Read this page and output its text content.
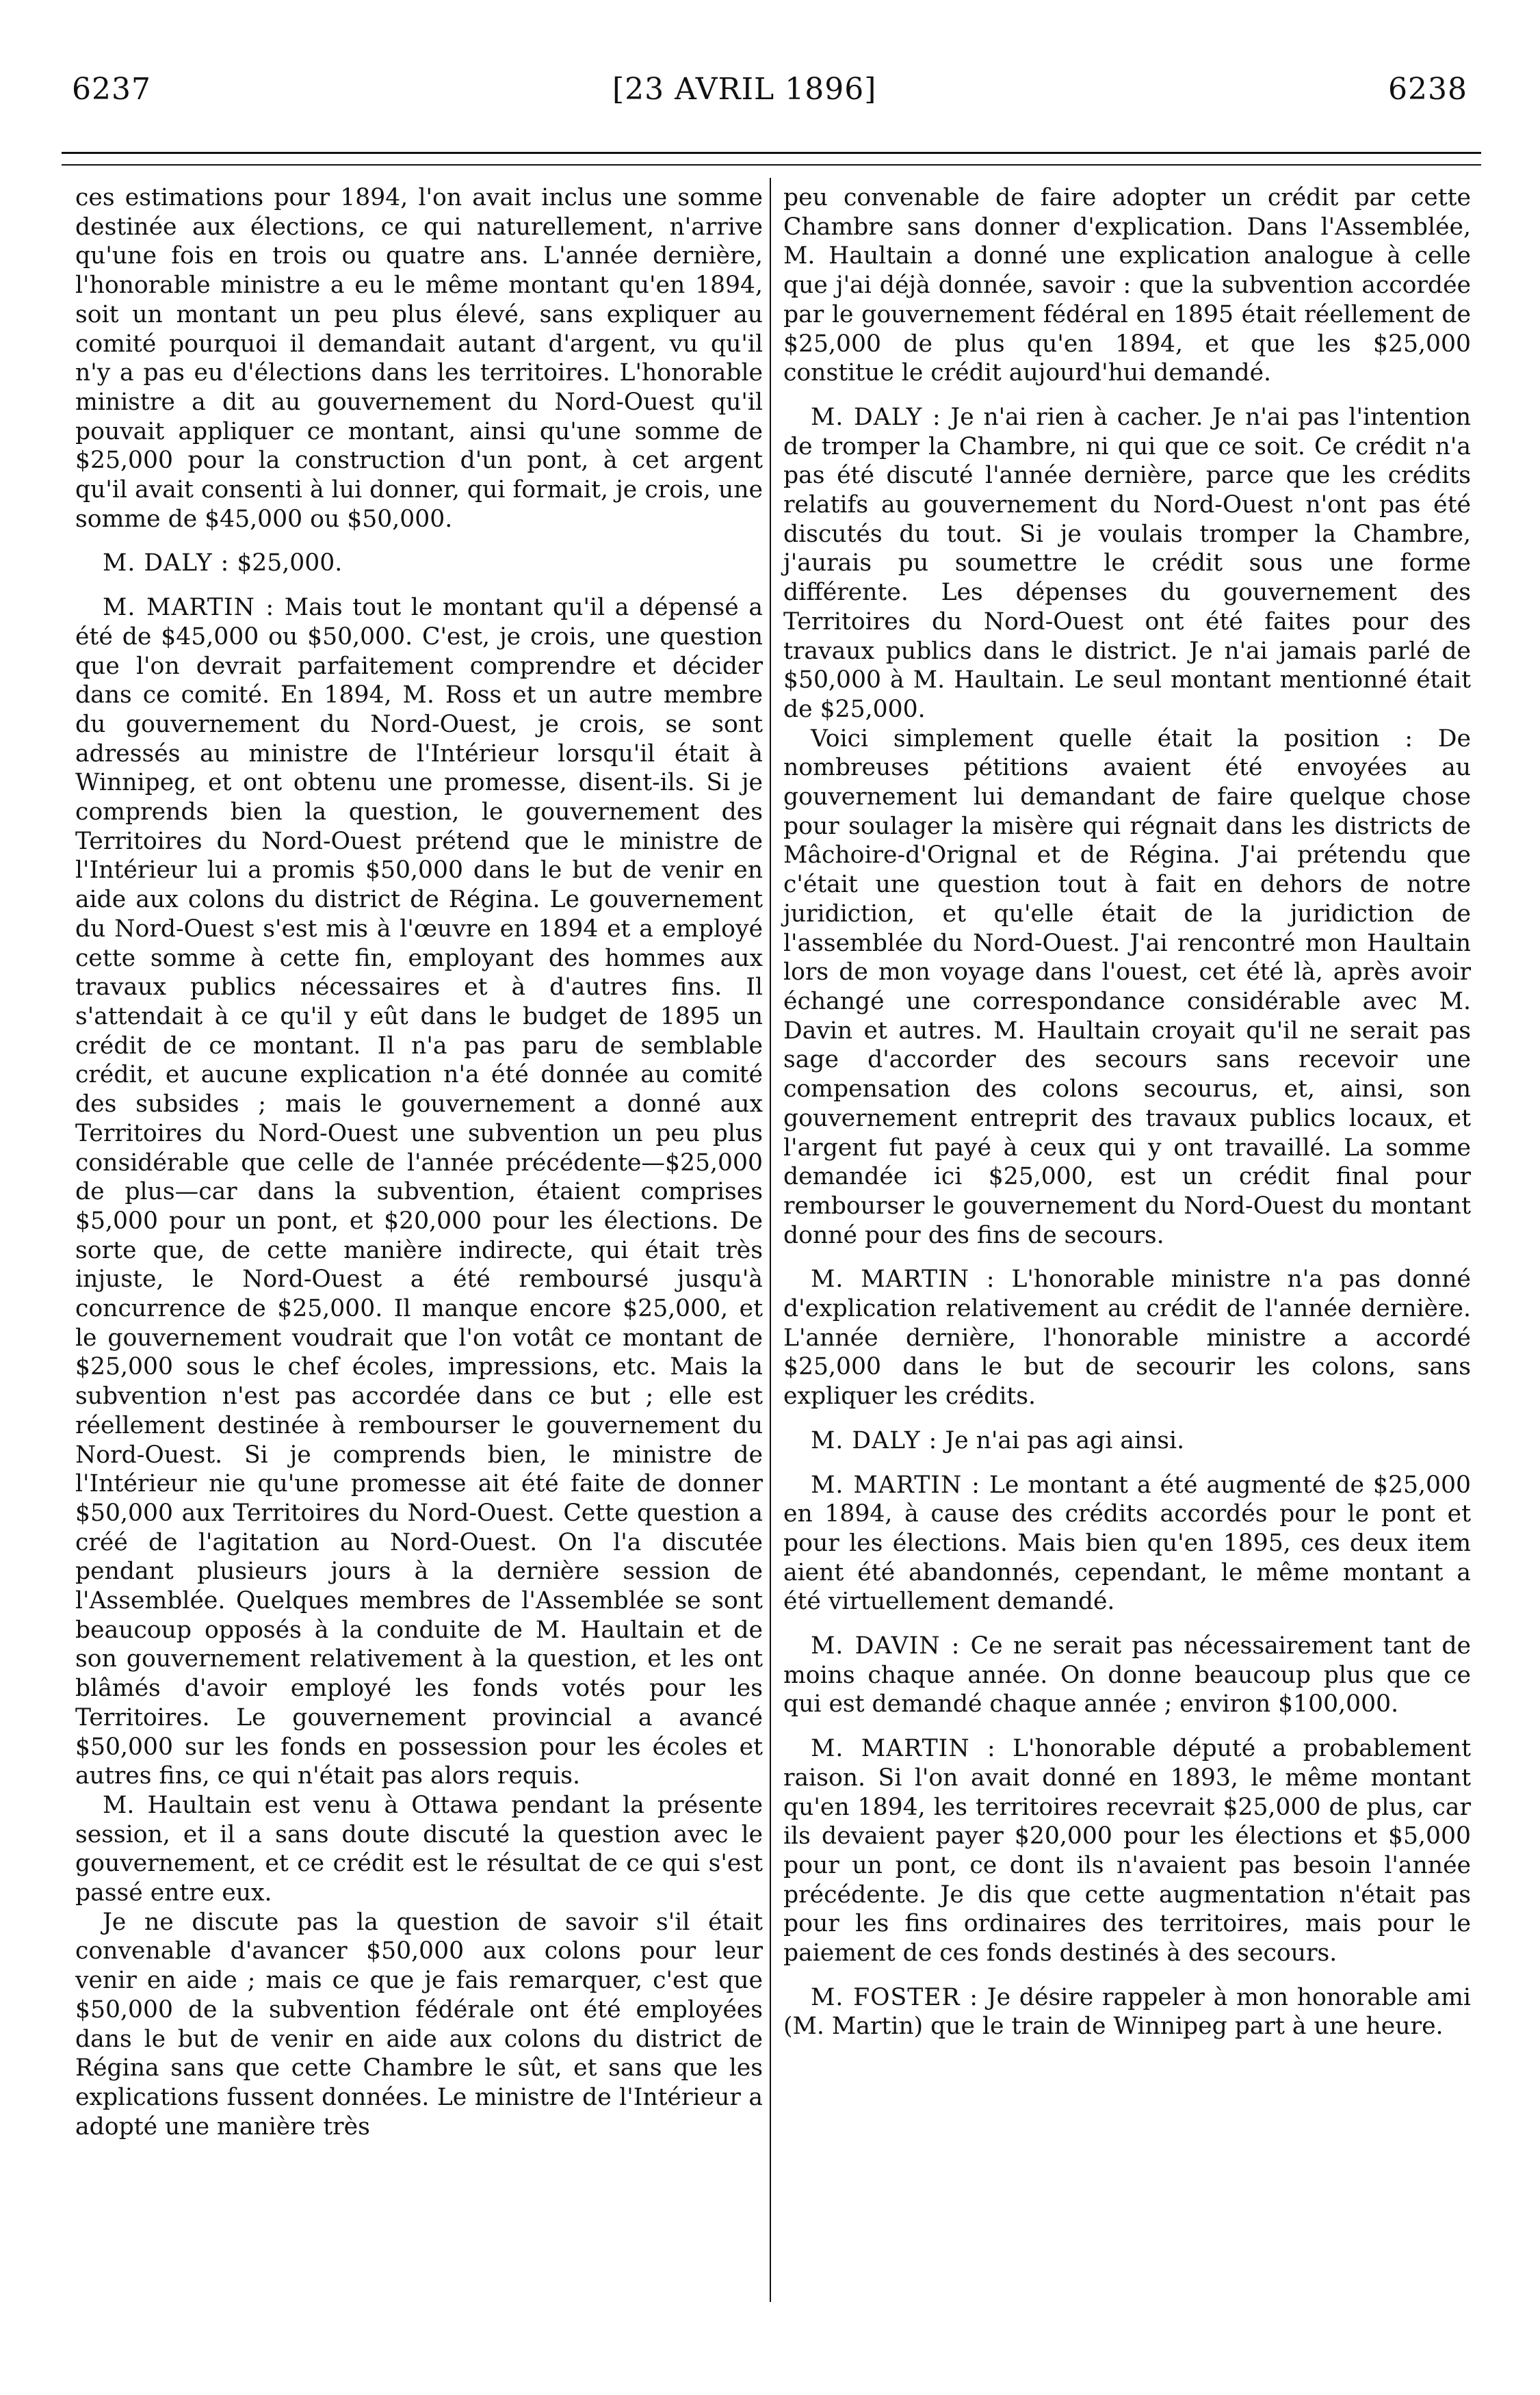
6237	[23 AVRIL 1896]	6238

ces estimations pour 1894, l'on avait inclus une somme destinée aux élections, ce qui naturellement, n'arrive qu'une fois en trois ou quatre ans. L'année dernière, l'honorable ministre a eu le même montant qu'en 1894, soit un montant un peu plus élevé, sans expliquer au comité pourquoi il demandait autant d'argent, vu qu'il n'y a pas eu d'élections dans les territoires. L'honorable ministre a dit au gouvernement du Nord-Ouest qu'il pouvait appliquer ce montant, ainsi qu'une somme de $25,000 pour la construction d'un pont, à cet argent qu'il avait consenti à lui donner, qui formait, je crois, une somme de $45,000 ou $50,000.

M. DALY : $25,000.

M. MARTIN : Mais tout le montant qu'il a dépensé a été de $45,000 ou $50,000. C'est, je crois, une question que l'on devrait parfaitement comprendre et décider dans ce comité. En 1894, M. Ross et un autre membre du gouvernement du Nord-Ouest, je crois, se sont adressés au ministre de l'Intérieur lorsqu'il était à Winnipeg, et ont obtenu une promesse, disent-ils. Si je comprends bien la question, le gouvernement des Territoires du Nord-Ouest prétend que le ministre de l'Intérieur lui a promis $50,000 dans le but de venir en aide aux colons du district de Régina. Le gouvernement du Nord-Ouest s'est mis à l'œuvre en 1894 et a employé cette somme à cette fin, employant des hommes aux travaux publics nécessaires et à d'autres fins. Il s'attendait à ce qu'il y eût dans le budget de 1895 un crédit de ce montant. Il n'a pas paru de semblable crédit, et aucune explication n'a été donnée au comité des subsides ; mais le gouvernement a donné aux Territoires du Nord-Ouest une subvention un peu plus considérable que celle de l'année précédente—$25,000 de plus—car dans la subvention, étaient comprises $5,000 pour un pont, et $20,000 pour les élections. De sorte que, de cette manière indirecte, qui était très injuste, le Nord-Ouest a été remboursé jusqu'à concurrence de $25,000. Il manque encore $25,000, et le gouvernement voudrait que l'on votât ce montant de $25,000 sous le chef écoles, impressions, etc. Mais la subvention n'est pas accordée dans ce but ; elle est réellement destinée à rembourser le gouvernement du Nord-Ouest. Si je comprends bien, le ministre de l'Intérieur nie qu'une promesse ait été faite de donner $50,000 aux Territoires du Nord-Ouest. Cette question a créé de l'agitation au Nord-Ouest. On l'a discutée pendant plusieurs jours à la dernière session de l'Assemblée. Quelques membres de l'Assemblée se sont beaucoup opposés à la conduite de M. Haultain et de son gouvernement relativement à la question, et les ont blâmés d'avoir employé les fonds votés pour les Territoires. Le gouvernement provincial a avancé $50,000 sur les fonds en possession pour les écoles et autres fins, ce qui n'était pas alors requis.

M. Haultain est venu à Ottawa pendant la présente session, et il a sans doute discuté la question avec le gouvernement, et ce crédit est le résultat de ce qui s'est passé entre eux.

Je ne discute pas la question de savoir s'il était convenable d'avancer $50,000 aux colons pour leur venir en aide ; mais ce que je fais remarquer, c'est que $50,000 de la subvention fédérale ont été employées dans le but de venir en aide aux colons du district de Régina sans que cette Chambre le sût, et sans que les explications fussent données. Le ministre de l'Intérieur a adopté une manière très

peu convenable de faire adopter un crédit par cette Chambre sans donner d'explication. Dans l'Assemblée, M. Haultain a donné une explication analogue à celle que j'ai déjà donnée, savoir : que la subvention accordée par le gouvernement fédéral en 1895 était réellement de $25,000 de plus qu'en 1894, et que les $25,000 constitue le crédit aujourd'hui demandé.

M. DALY : Je n'ai rien à cacher. Je n'ai pas l'intention de tromper la Chambre, ni qui que ce soit. Ce crédit n'a pas été discuté l'année dernière, parce que les crédits relatifs au gouvernement du Nord-Ouest n'ont pas été discutés du tout. Si je voulais tromper la Chambre, j'aurais pu soumettre le crédit sous une forme différente. Les dépenses du gouvernement des Territoires du Nord-Ouest ont été faites pour des travaux publics dans le district. Je n'ai jamais parlé de $50,000 à M. Haultain. Le seul montant mentionné était de $25,000.

Voici simplement quelle était la position : De nombreuses pétitions avaient été envoyées au gouvernement lui demandant de faire quelque chose pour soulager la misère qui régnait dans les districts de Mâchoire-d'Orignal et de Régina. J'ai prétendu que c'était une question tout à fait en dehors de notre juridiction, et qu'elle était de la juridiction de l'assemblée du Nord-Ouest. J'ai rencontré mon Haultain lors de mon voyage dans l'ouest, cet été là, après avoir échangé une correspondance considérable avec M. Davin et autres. M. Haultain croyait qu'il ne serait pas sage d'accorder des secours sans recevoir une compensation des colons secourus, et, ainsi, son gouvernement entreprit des travaux publics locaux, et l'argent fut payé à ceux qui y ont travaillé. La somme demandée ici $25,000, est un crédit final pour rembourser le gouvernement du Nord-Ouest du montant donné pour des fins de secours.

M. MARTIN : L'honorable ministre n'a pas donné d'explication relativement au crédit de l'année dernière. L'année dernière, l'honorable ministre a accordé $25,000 dans le but de secourir les colons, sans expliquer les crédits.

M. DALY : Je n'ai pas agi ainsi.

M. MARTIN : Le montant a été augmenté de $25,000 en 1894, à cause des crédits accordés pour le pont et pour les élections. Mais bien qu'en 1895, ces deux item aient été abandonnés, cependant, le même montant a été virtuellement demandé.

M. DAVIN : Ce ne serait pas nécessairement tant de moins chaque année. On donne beaucoup plus que ce qui est demandé chaque année ; environ $100,000.

M. MARTIN : L'honorable député a probablement raison. Si l'on avait donné en 1893, le même montant qu'en 1894, les territoires recevrait $25,000 de plus, car ils devaient payer $20,000 pour les élections et $5,000 pour un pont, ce dont ils n'avaient pas besoin l'année précédente. Je dis que cette augmentation n'était pas pour les fins ordinaires des territoires, mais pour le paiement de ces fonds destinés à des secours.

M. FOSTER : Je désire rappeler à mon honorable ami (M. Martin) que le train de Winnipeg part à une heure.
